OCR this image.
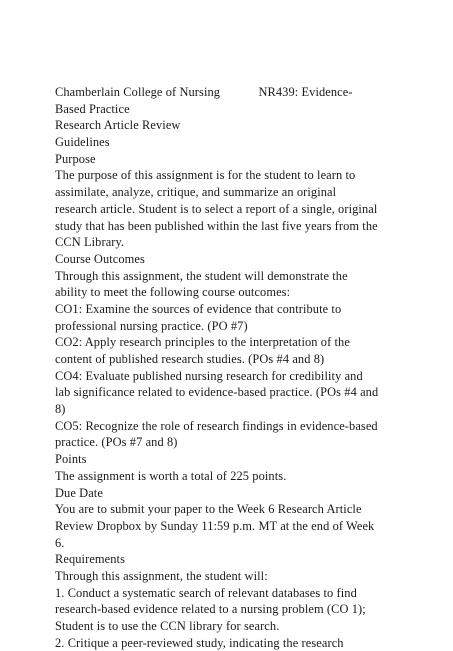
Chamberlain College of Nursing            NR439: Evidence-
Based Practice
Research Article Review
Guidelines
Purpose
The purpose of this assignment is for the student to learn to
assimilate, analyze, critique, and summarize an original
research article. Student is to select a report of a single, original
study that has been published within the last five years from the
CCN Library.
Course Outcomes
Through this assignment, the student will demonstrate the
ability to meet the following course outcomes:
CO1: Examine the sources of evidence that contribute to
professional nursing practice. (PO #7)
CO2: Apply research principles to the interpretation of the
content of published research studies. (POs #4 and 8)
CO4: Evaluate published nursing research for credibility and
lab significance related to evidence-based practice. (POs #4 and
8)
CO5: Recognize the role of research findings in evidence-based
practice. (POs #7 and 8)
Points
The assignment is worth a total of 225 points.
Due Date
You are to submit your paper to the Week 6 Research Article
Review Dropbox by Sunday 11:59 p.m. MT at the end of Week
6.
Requirements
Through this assignment, the student will:
1. Conduct a systematic search of relevant databases to find
research-based evidence related to a nursing problem (CO 1);
Student is to use the CCN library for search.
2. Critique a peer-reviewed study, indicating the research
